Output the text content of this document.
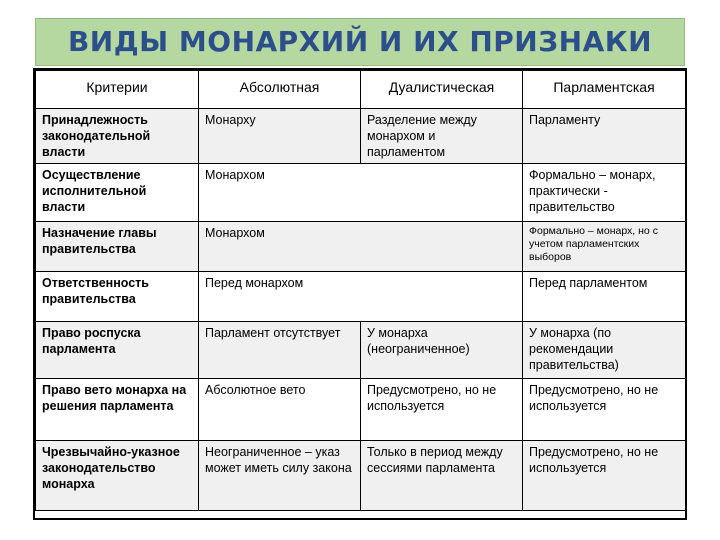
ВИДЫ МОНАРХИЙ И ИХ ПРИЗНАКИ
Критерии	Абсолютная	Дуалистическая	Парламентская
Принадлежность законодательной власти	Монарху	Разделение между монархом и парламентом	Парламенту
Осуществление исполнительной власти	Монархом		Формально – монарх, практически - правительство
Назначение главы правительства	Монархом		Формально – монарх, но с учетом парламентских выборов
Ответственность правительства	Перед монархом		Перед парламентом
Право роспуска парламента	Парламент отсутствует	У монарха (неограниченное)	У монарха (по рекомендации правительства)
Право вето монарха на решения парламента	Абсолютное вето	Предусмотрено, но не используется	Предусмотрено, но не используется
Чрезвычайно-указное законодательство монарха	Неограниченное – указ может иметь силу закона	Только в период между сессиями парламента	Предусмотрено, но не используется
